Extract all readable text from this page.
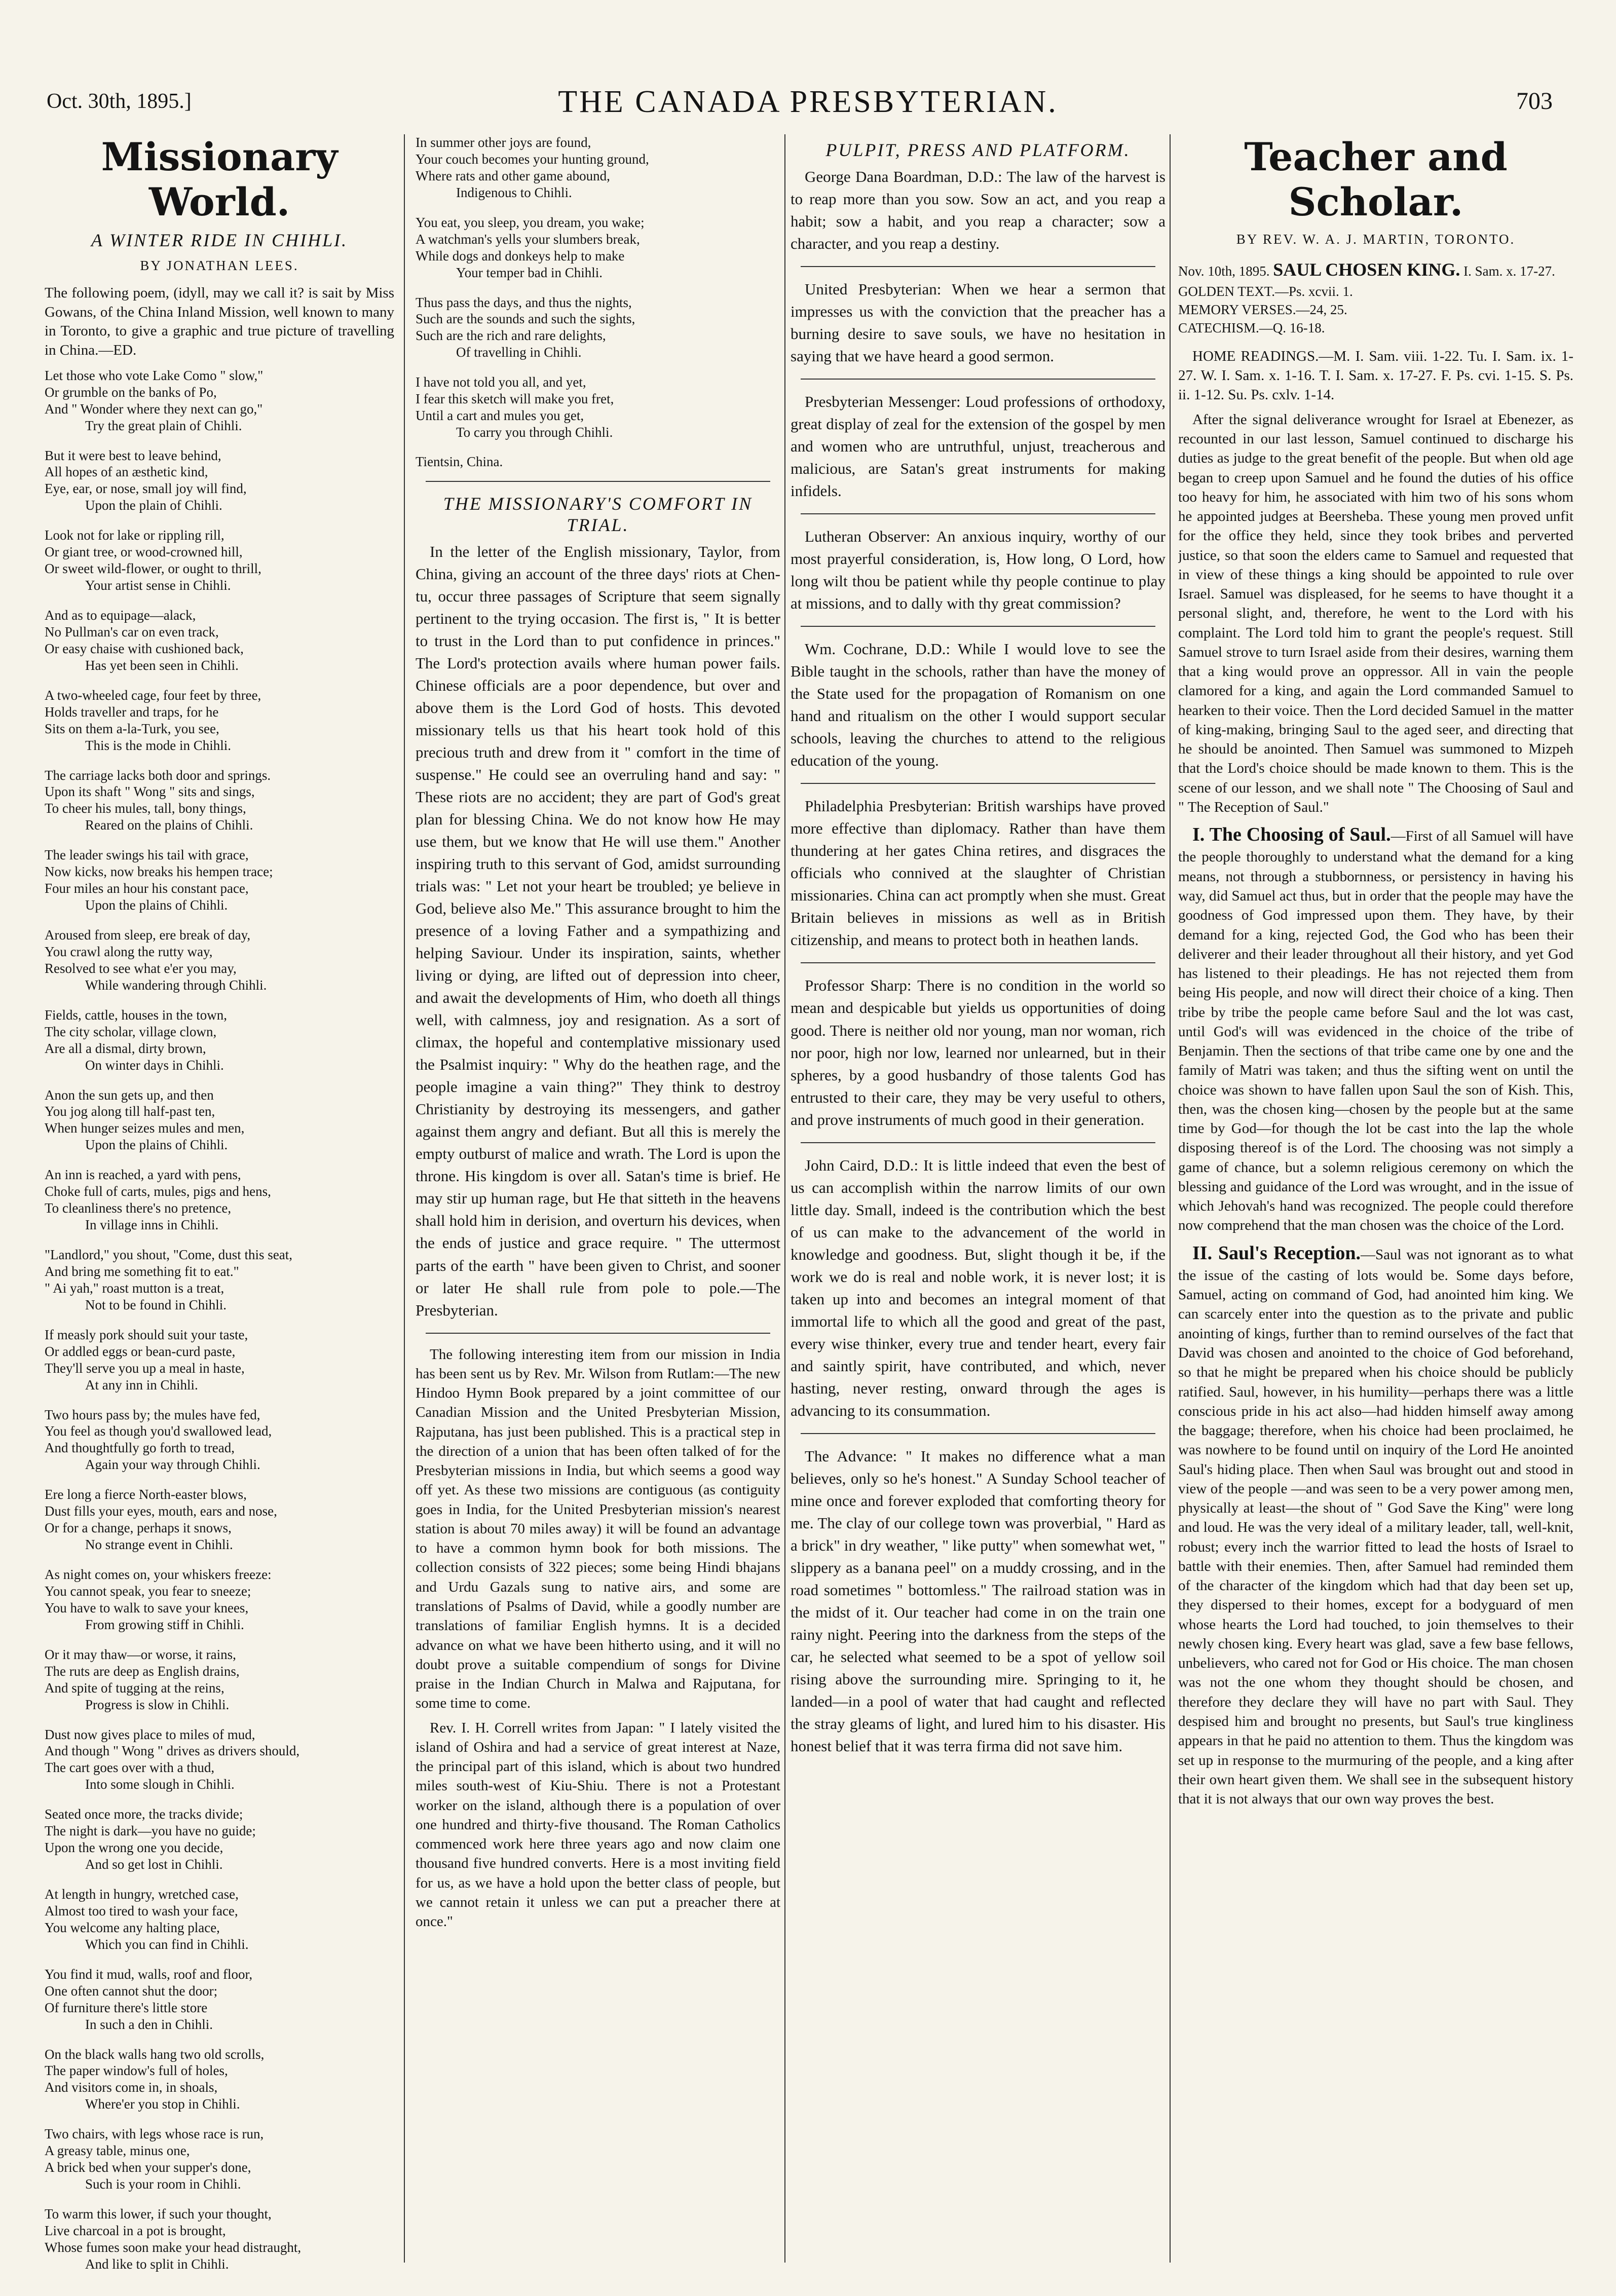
Oct. 30th, 1895.]	THE CANADA PRESBYTERIAN.	703
Missionary World.
A WINTER RIDE IN CHIHLI.
BY JONATHAN LEES.

The following poem, (idyll, may we call it? is sait by Miss Gowans, of the China Inland Mission, well known to many in Toronto, to give a graphic and true picture of travelling in China.—ED.

Let those who vote Lake Como " slow,"
Or grumble on the banks of Po,
And " Wonder where they next can go,"
Try the great plain of Chihli.
But it were best to leave behind,
All hopes of an æsthetic kind,
Eye, ear, or nose, small joy will find,
Upon the plain of Chihli.
Look not for lake or rippling rill,
Or giant tree, or wood-crowned hill,
Or sweet wild-flower, or ought to thrill,
Your artist sense in Chihli.
And as to equipage—alack,
No Pullman's car on even track,
Or easy chaise with cushioned back,
Has yet been seen in Chihli.
A two-wheeled cage, four feet by three,
Holds traveller and traps, for he
Sits on them a-la-Turk, you see,
This is the mode in Chihli.
The carriage lacks both door and springs.
Upon its shaft " Wong " sits and sings,
To cheer his mules, tall, bony things,
Reared on the plains of Chihli.
The leader swings his tail with grace,
Now kicks, now breaks his hempen trace;
Four miles an hour his constant pace,
Upon the plains of Chihli.
Aroused from sleep, ere break of day,
You crawl along the rutty way,
Resolved to see what e'er you may,
While wandering through Chihli.
Fields, cattle, houses in the town,
The city scholar, village clown,
Are all a dismal, dirty brown,
On winter days in Chihli.
Anon the sun gets up, and then
You jog along till half-past ten,
When hunger seizes mules and men,
Upon the plains of Chihli.
An inn is reached, a yard with pens,
Choke full of carts, mules, pigs and hens,
To cleanliness there's no pretence,
In village inns in Chihli.
"Landlord," you shout, "Come, dust this seat,
And bring me something fit to eat."
" Ai yah," roast mutton is a treat,
Not to be found in Chihli.
If measly pork should suit your taste,
Or addled eggs or bean-curd paste,
They'll serve you up a meal in haste,
At any inn in Chihli.
Two hours pass by; the mules have fed,
You feel as though you'd swallowed lead,
And thoughtfully go forth to tread,
Again your way through Chihli.
Ere long a fierce North-easter blows,
Dust fills your eyes, mouth, ears and nose,
Or for a change, perhaps it snows,
No strange event in Chihli.
As night comes on, your whiskers freeze:
You cannot speak, you fear to sneeze;
You have to walk to save your knees,
From growing stiff in Chihli.
Or it may thaw—or worse, it rains,
The ruts are deep as English drains,
And spite of tugging at the reins,
Progress is slow in Chihli.
Dust now gives place to miles of mud,
And though " Wong " drives as drivers should,
The cart goes over with a thud,
Into some slough in Chihli.
Seated once more, the tracks divide;
The night is dark—you have no guide;
Upon the wrong one you decide,
And so get lost in Chihli.
At length in hungry, wretched case,
Almost too tired to wash your face,
You welcome any halting place,
Which you can find in Chihli.
You find it mud, walls, roof and floor,
One often cannot shut the door;
Of furniture there's little store
In such a den in Chihli.
On the black walls hang two old scrolls,
The paper window's full of holes,
And visitors come in, in shoals,
Where'er you stop in Chihli.
Two chairs, with legs whose race is run,
A greasy table, minus one,
A brick bed when your supper's done,
Such is your room in Chihli.
To warm this lower, if such your thought,
Live charcoal in a pot is brought,
Whose fumes soon make your head distraught,
And like to split in Chihli.
In summer other joys are found,
Your couch becomes your hunting ground,
Where rats and other game abound,
Indigenous to Chihli.
You eat, you sleep, you dream, you wake;
A watchman's yells your slumbers break,
While dogs and donkeys help to make
Your temper bad in Chihli.
Thus pass the days, and thus the nights,
Such are the sounds and such the sights,
Such are the rich and rare delights,
Of travelling in Chihli.
I have not told you all, and yet,
I fear this sketch will make you fret,
Until a cart and mules you get,
To carry you through Chihli.
Tientsin, China.
THE MISSIONARY'S COMFORT IN TRIAL.

In the letter of the English missionary, Taylor, from China, giving an account of the three days' riots at Chen-tu, occur three passages of Scripture that seem signally pertinent to the trying occasion. The first is, " It is better to trust in the Lord than to put confidence in princes." The Lord's protection avails where human power fails. Chinese officials are a poor dependence, but over and above them is the Lord God of hosts. This devoted missionary tells us that his heart took hold of this precious truth and drew from it " comfort in the time of suspense." He could see an overruling hand and say: " These riots are no accident; they are part of God's great plan for blessing China. We do not know how He may use them, but we know that He will use them." Another inspiring truth to this servant of God, amidst surrounding trials was: " Let not your heart be troubled; ye believe in God, believe also Me." This assurance brought to him the presence of a loving Father and a sympathizing and helping Saviour. Under its inspiration, saints, whether living or dying, are lifted out of depression into cheer, and await the developments of Him, who doeth all things well, with calmness, joy and resignation. As a sort of climax, the hopeful and contemplative missionary used the Psalmist inquiry: " Why do the heathen rage, and the people imagine a vain thing?" They think to destroy Christianity by destroying its messengers, and gather against them angry and defiant. But all this is merely the empty outburst of malice and wrath. The Lord is upon the throne. His kingdom is over all. Satan's time is brief. He may stir up human rage, but He that sitteth in the heavens shall hold him in derision, and overturn his devices, when the ends of justice and grace require. " The uttermost parts of the earth " have been given to Christ, and sooner or later He shall rule from pole to pole.—The Presbyterian.

The following interesting item from our mission in India has been sent us by Rev. Mr. Wilson from Rutlam:—The new Hindoo Hymn Book prepared by a joint committee of our Canadian Mission and the United Presbyterian Mission, Rajputana, has just been published. This is a practical step in the direction of a union that has been often talked of for the Presbyterian missions in India, but which seems a good way off yet. As these two missions are contiguous (as contiguity goes in India, for the United Presbyterian mission's nearest station is about 70 miles away) it will be found an advantage to have a common hymn book for both missions. The collection consists of 322 pieces; some being Hindi bhajans and Urdu Gazals sung to native airs, and some are translations of Psalms of David, while a goodly number are translations of familiar English hymns. It is a decided advance on what we have been hitherto using, and it will no doubt prove a suitable compendium of songs for Divine praise in the Indian Church in Malwa and Rajputana, for some time to come.

Rev. I. H. Correll writes from Japan: " I lately visited the island of Oshira and had a service of great interest at Naze, the principal part of this island, which is about two hundred miles south-west of Kiu-Shiu. There is not a Protestant worker on the island, although there is a population of over one hundred and thirty-five thousand. The Roman Catholics commenced work here three years ago and now claim one thousand five hundred converts. Here is a most inviting field for us, as we have a hold upon the better class of people, but we cannot retain it unless we can put a preacher there at once."

PULPIT, PRESS AND PLATFORM.

George Dana Boardman, D.D.: The law of the harvest is to reap more than you sow. Sow an act, and you reap a habit; sow a habit, and you reap a character; sow a character, and you reap a destiny.

United Presbyterian: When we hear a sermon that impresses us with the conviction that the preacher has a burning desire to save souls, we have no hesitation in saying that we have heard a good sermon.

Presbyterian Messenger: Loud professions of orthodoxy, great display of zeal for the extension of the gospel by men and women who are untruthful, unjust, treacherous and malicious, are Satan's great instruments for making infidels.

Lutheran Observer: An anxious inquiry, worthy of our most prayerful consideration, is, How long, O Lord, how long wilt thou be patient while thy people continue to play at missions, and to dally with thy great commission?

Wm. Cochrane, D.D.: While I would love to see the Bible taught in the schools, rather than have the money of the State used for the propagation of Romanism on one hand and ritualism on the other I would support secular schools, leaving the churches to attend to the religious education of the young.

Philadelphia Presbyterian: British warships have proved more effective than diplomacy. Rather than have them thundering at her gates China retires, and disgraces the officials who connived at the slaughter of Christian missionaries. China can act promptly when she must. Great Britain believes in missions as well as in British citizenship, and means to protect both in heathen lands.

Professor Sharp: There is no condition in the world so mean and despicable but yields us opportunities of doing good. There is neither old nor young, man nor woman, rich nor poor, high nor low, learned nor unlearned, but in their spheres, by a good husbandry of those talents God has entrusted to their care, they may be very useful to others, and prove instruments of much good in their generation.

John Caird, D.D.: It is little indeed that even the best of us can accomplish within the narrow limits of our own little day. Small, indeed is the contribution which the best of us can make to the advancement of the world in knowledge and goodness. But, slight though it be, if the work we do is real and noble work, it is never lost; it is taken up into and becomes an integral moment of that immortal life to which all the good and great of the past, every wise thinker, every true and tender heart, every fair and saintly spirit, have contributed, and which, never hasting, never resting, onward through the ages is advancing to its consummation.

The Advance: " It makes no difference what a man believes, only so he's honest." A Sunday School teacher of mine once and forever exploded that comforting theory for me. The clay of our college town was proverbial, " Hard as a brick" in dry weather, " like putty" when somewhat wet, " slippery as a banana peel" on a muddy crossing, and in the road sometimes " bottomless." The railroad station was in the midst of it. Our teacher had come in on the train one rainy night. Peering into the darkness from the steps of the car, he selected what seemed to be a spot of yellow soil rising above the surrounding mire. Springing to it, he landed—in a pool of water that had caught and reflected the stray gleams of light, and lured him to his disaster. His honest belief that it was terra firma did not save him.

Teacher and Scholar.
BY REV. W. A. J. MARTIN, TORONTO.
Nov. 10th, 1895. SAUL CHOSEN KING. I. Sam. x. 17-27.
GOLDEN TEXT.—Ps. xcvii. 1.
MEMORY VERSES.—24, 25.
CATECHISM.—Q. 16-18.

HOME READINGS.—M. I. Sam. viii. 1-22. Tu. I. Sam. ix. 1-27. W. I. Sam. x. 1-16. T. I. Sam. x. 17-27. F. Ps. cvi. 1-15. S. Ps. ii. 1-12. Su. Ps. cxlv. 1-14.

After the signal deliverance wrought for Israel at Ebenezer, as recounted in our last lesson, Samuel continued to discharge his duties as judge to the great benefit of the people. But when old age began to creep upon Samuel and he found the duties of his office too heavy for him, he associated with him two of his sons whom he appointed judges at Beersheba. These young men proved unfit for the office they held, since they took bribes and perverted justice, so that soon the elders came to Samuel and requested that in view of these things a king should be appointed to rule over Israel. Samuel was displeased, for he seems to have thought it a personal slight, and, therefore, he went to the Lord with his complaint. The Lord told him to grant the people's request. Still Samuel strove to turn Israel aside from their desires, warning them that a king would prove an oppressor. All in vain the people clamored for a king, and again the Lord commanded Samuel to hearken to their voice. Then the Lord decided Samuel in the matter of king-making, bringing Saul to the aged seer, and directing that he should be anointed. Then Samuel was summoned to Mizpeh that the Lord's choice should be made known to them. This is the scene of our lesson, and we shall note " The Choosing of Saul and " The Reception of Saul."

I. The Choosing of Saul.—First of all Samuel will have the people thoroughly to understand what the demand for a king means, not through a stubbornness, or persistency in having his way, did Samuel act thus, but in order that the people may have the goodness of God impressed upon them. They have, by their demand for a king, rejected God, the God who has been their deliverer and their leader throughout all their history, and yet God has listened to their pleadings. He has not rejected them from being His people, and now will direct their choice of a king. Then tribe by tribe the people came before Saul and the lot was cast, until God's will was evidenced in the choice of the tribe of Benjamin. Then the sections of that tribe came one by one and the family of Matri was taken; and thus the sifting went on until the choice was shown to have fallen upon Saul the son of Kish. This, then, was the chosen king—chosen by the people but at the same time by God—for though the lot be cast into the lap the whole disposing thereof is of the Lord. The choosing was not simply a game of chance, but a solemn religious ceremony on which the blessing and guidance of the Lord was wrought, and in the issue of which Jehovah's hand was recognized. The people could therefore now comprehend that the man chosen was the choice of the Lord.

II. Saul's Reception.—Saul was not ignorant as to what the issue of the casting of lots would be. Some days before, Samuel, acting on command of God, had anointed him king. We can scarcely enter into the question as to the private and public anointing of kings, further than to remind ourselves of the fact that David was chosen and anointed to the choice of God beforehand, so that he might be prepared when his choice should be publicly ratified. Saul, however, in his humility—perhaps there was a little conscious pride in his act also—had hidden himself away among the baggage; therefore, when his choice had been proclaimed, he was nowhere to be found until on inquiry of the Lord He anointed Saul's hiding place. Then when Saul was brought out and stood in view of the people —and was seen to be a very power among men, physically at least—the shout of " God Save the King" were long and loud. He was the very ideal of a military leader, tall, well-knit, robust; every inch the warrior fitted to lead the hosts of Israel to battle with their enemies. Then, after Samuel had reminded them of the character of the kingdom which had that day been set up, they dispersed to their homes, except for a bodyguard of men whose hearts the Lord had touched, to join themselves to their newly chosen king. Every heart was glad, save a few base fellows, unbelievers, who cared not for God or His choice. The man chosen was not the one whom they thought should be chosen, and therefore they declare they will have no part with Saul. They despised him and brought no presents, but Saul's true kingliness appears in that he paid no attention to them. Thus the kingdom was set up in response to the murmuring of the people, and a king after their own heart given them. We shall see in the subsequent history that it is not always that our own way proves the best.
